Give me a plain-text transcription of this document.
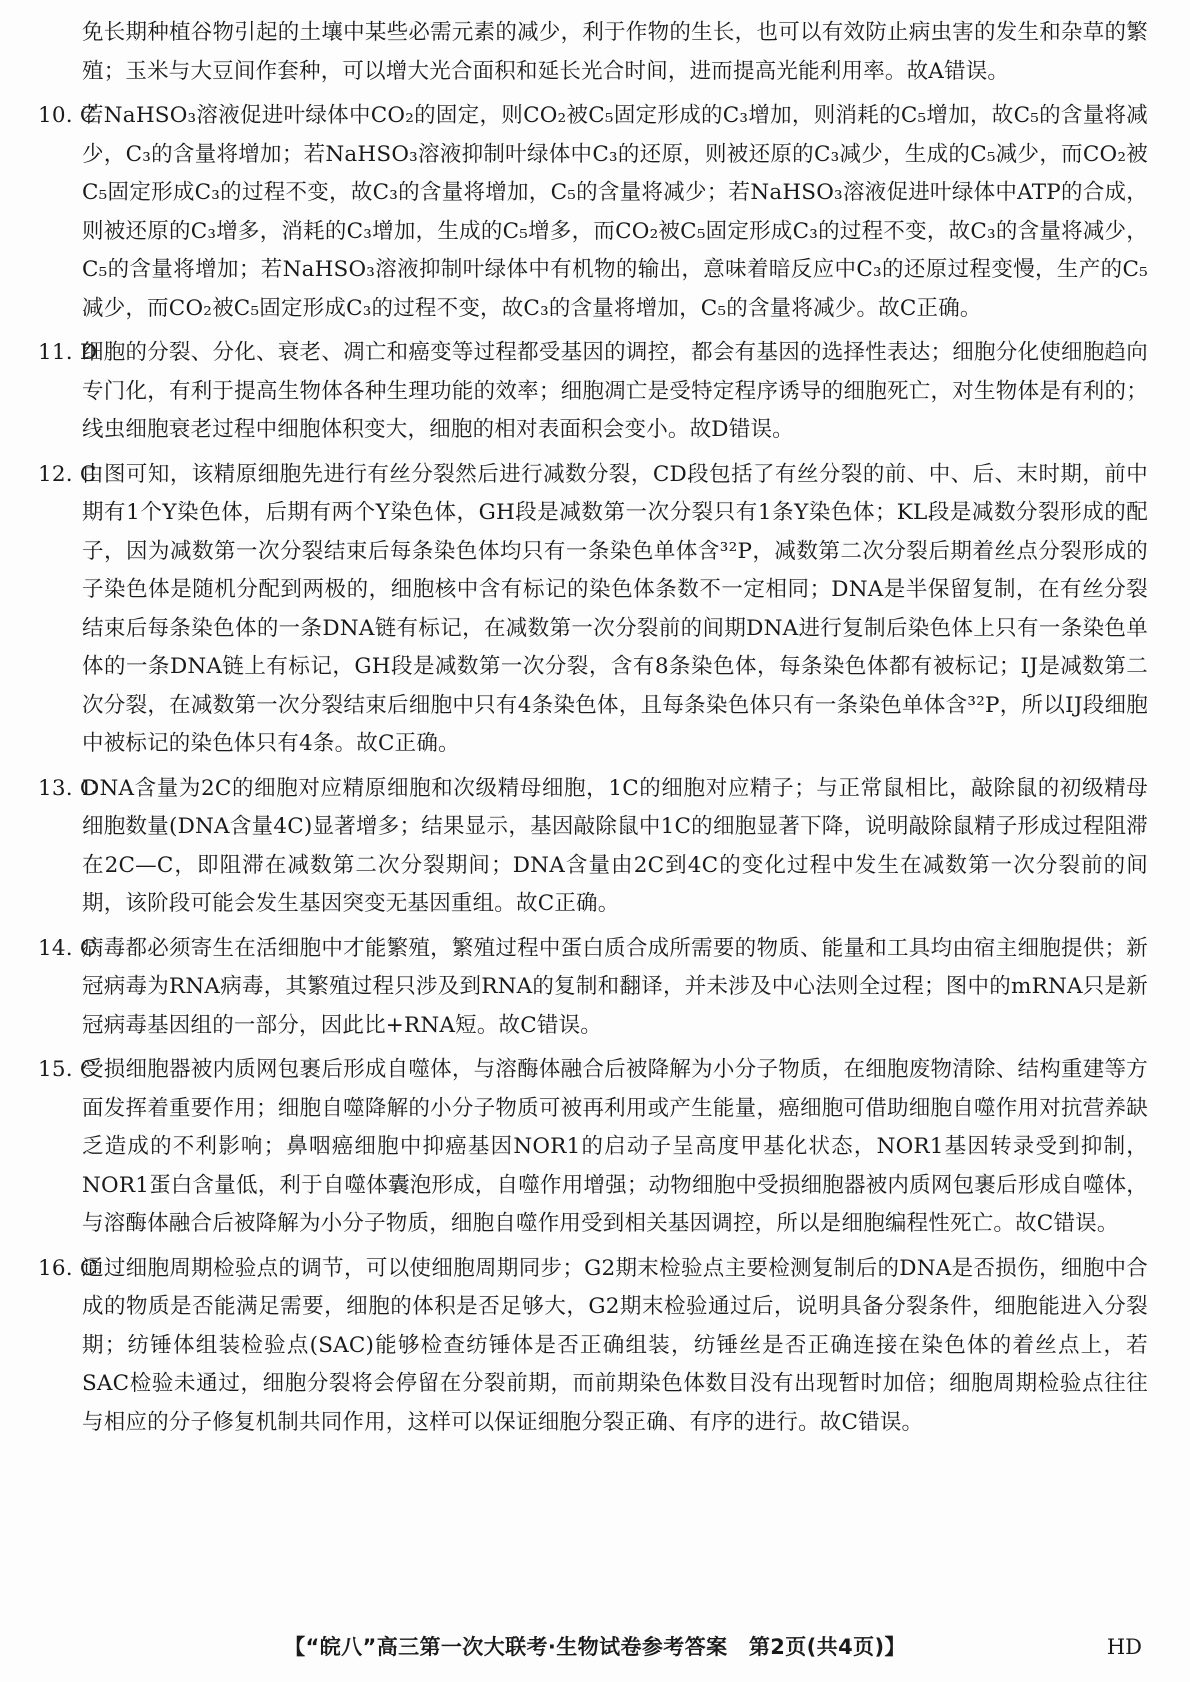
免长期种植谷物引起的土壤中某些必需元素的减少，利于作物的生长，也可以有效防止病虫害的发生和杂草的繁殖；玉米与大豆间作套种，可以增大光合面积和延长光合时间，进而提高光能利用率。故A错误。

10. C
若NaHSO₃溶液促进叶绿体中CO₂的固定，则CO₂被C₅固定形成的C₃增加，则消耗的C₅增加，故C₅的含量将减少，C₃的含量将增加；若NaHSO₃溶液抑制叶绿体中C₃的还原，则被还原的C₃减少，生成的C₅减少，而CO₂被C₅固定形成C₃的过程不变，故C₃的含量将增加，C₅的含量将减少；若NaHSO₃溶液促进叶绿体中ATP的合成，则被还原的C₃增多，消耗的C₃增加，生成的C₅增多，而CO₂被C₅固定形成C₃的过程不变，故C₃的含量将减少，C₅的含量将增加；若NaHSO₃溶液抑制叶绿体中有机物的输出，意味着暗反应中C₃的还原过程变慢，生产的C₅减少，而CO₂被C₅固定形成C₃的过程不变，故C₃的含量将增加，C₅的含量将减少。故C正确。
11. D
细胞的分裂、分化、衰老、凋亡和癌变等过程都受基因的调控，都会有基因的选择性表达；细胞分化使细胞趋向专门化，有利于提高生物体各种生理功能的效率；细胞凋亡是受特定程序诱导的细胞死亡，对生物体是有利的；线虫细胞衰老过程中细胞体积变大，细胞的相对表面积会变小。故D错误。
12. C
由图可知，该精原细胞先进行有丝分裂然后进行减数分裂，CD段包括了有丝分裂的前、中、后、末时期，前中期有1个Y染色体，后期有两个Y染色体，GH段是减数第一次分裂只有1条Y染色体；KL段是减数分裂形成的配子，因为减数第一次分裂结束后每条染色体均只有一条染色单体含³²P，减数第二次分裂后期着丝点分裂形成的子染色体是随机分配到两极的，细胞核中含有标记的染色体条数不一定相同；DNA是半保留复制，在有丝分裂结束后每条染色体的一条DNA链有标记，在减数第一次分裂前的间期DNA进行复制后染色体上只有一条染色单体的一条DNA链上有标记，GH段是减数第一次分裂，含有8条染色体，每条染色体都有被标记；IJ是减数第二次分裂，在减数第一次分裂结束后细胞中只有4条染色体，且每条染色体只有一条染色单体含³²P，所以IJ段细胞中被标记的染色体只有4条。故C正确。
13. C
DNA含量为2C的细胞对应精原细胞和次级精母细胞，1C的细胞对应精子；与正常鼠相比，敲除鼠的初级精母细胞数量(DNA含量4C)显著增多；结果显示，基因敲除鼠中1C的细胞显著下降，说明敲除鼠精子形成过程阻滞在2C—C，即阻滞在减数第二次分裂期间；DNA含量由2C到4C的变化过程中发生在减数第一次分裂前的间期，该阶段可能会发生基因突变无基因重组。故C正确。
14. C
病毒都必须寄生在活细胞中才能繁殖，繁殖过程中蛋白质合成所需要的物质、能量和工具均由宿主细胞提供；新冠病毒为RNA病毒，其繁殖过程只涉及到RNA的复制和翻译，并未涉及中心法则全过程；图中的mRNA只是新冠病毒基因组的一部分，因此比+RNA短。故C错误。
15. C
受损细胞器被内质网包裹后形成自噬体，与溶酶体融合后被降解为小分子物质，在细胞废物清除、结构重建等方面发挥着重要作用；细胞自噬降解的小分子物质可被再利用或产生能量，癌细胞可借助细胞自噬作用对抗营养缺乏造成的不利影响；鼻咽癌细胞中抑癌基因NOR1的启动子呈高度甲基化状态，NOR1基因转录受到抑制，NOR1蛋白含量低，利于自噬体囊泡形成，自噬作用增强；动物细胞中受损细胞器被内质网包裹后形成自噬体，与溶酶体融合后被降解为小分子物质，细胞自噬作用受到相关基因调控，所以是细胞编程性死亡。故C错误。
16. C
通过细胞周期检验点的调节，可以使细胞周期同步；G2期末检验点主要检测复制后的DNA是否损伤，细胞中合成的物质是否能满足需要，细胞的体积是否足够大，G2期末检验通过后，说明具备分裂条件，细胞能进入分裂期；纺锤体组装检验点(SAC)能够检查纺锤体是否正确组装，纺锤丝是否正确连接在染色体的着丝点上，若SAC检验未通过，细胞分裂将会停留在分裂前期，而前期染色体数目没有出现暂时加倍；细胞周期检验点往往与相应的分子修复机制共同作用，这样可以保证细胞分裂正确、有序的进行。故C错误。
【“皖八”高三第一次大联考·生物试卷参考答案　第2页(共4页)】	HD
